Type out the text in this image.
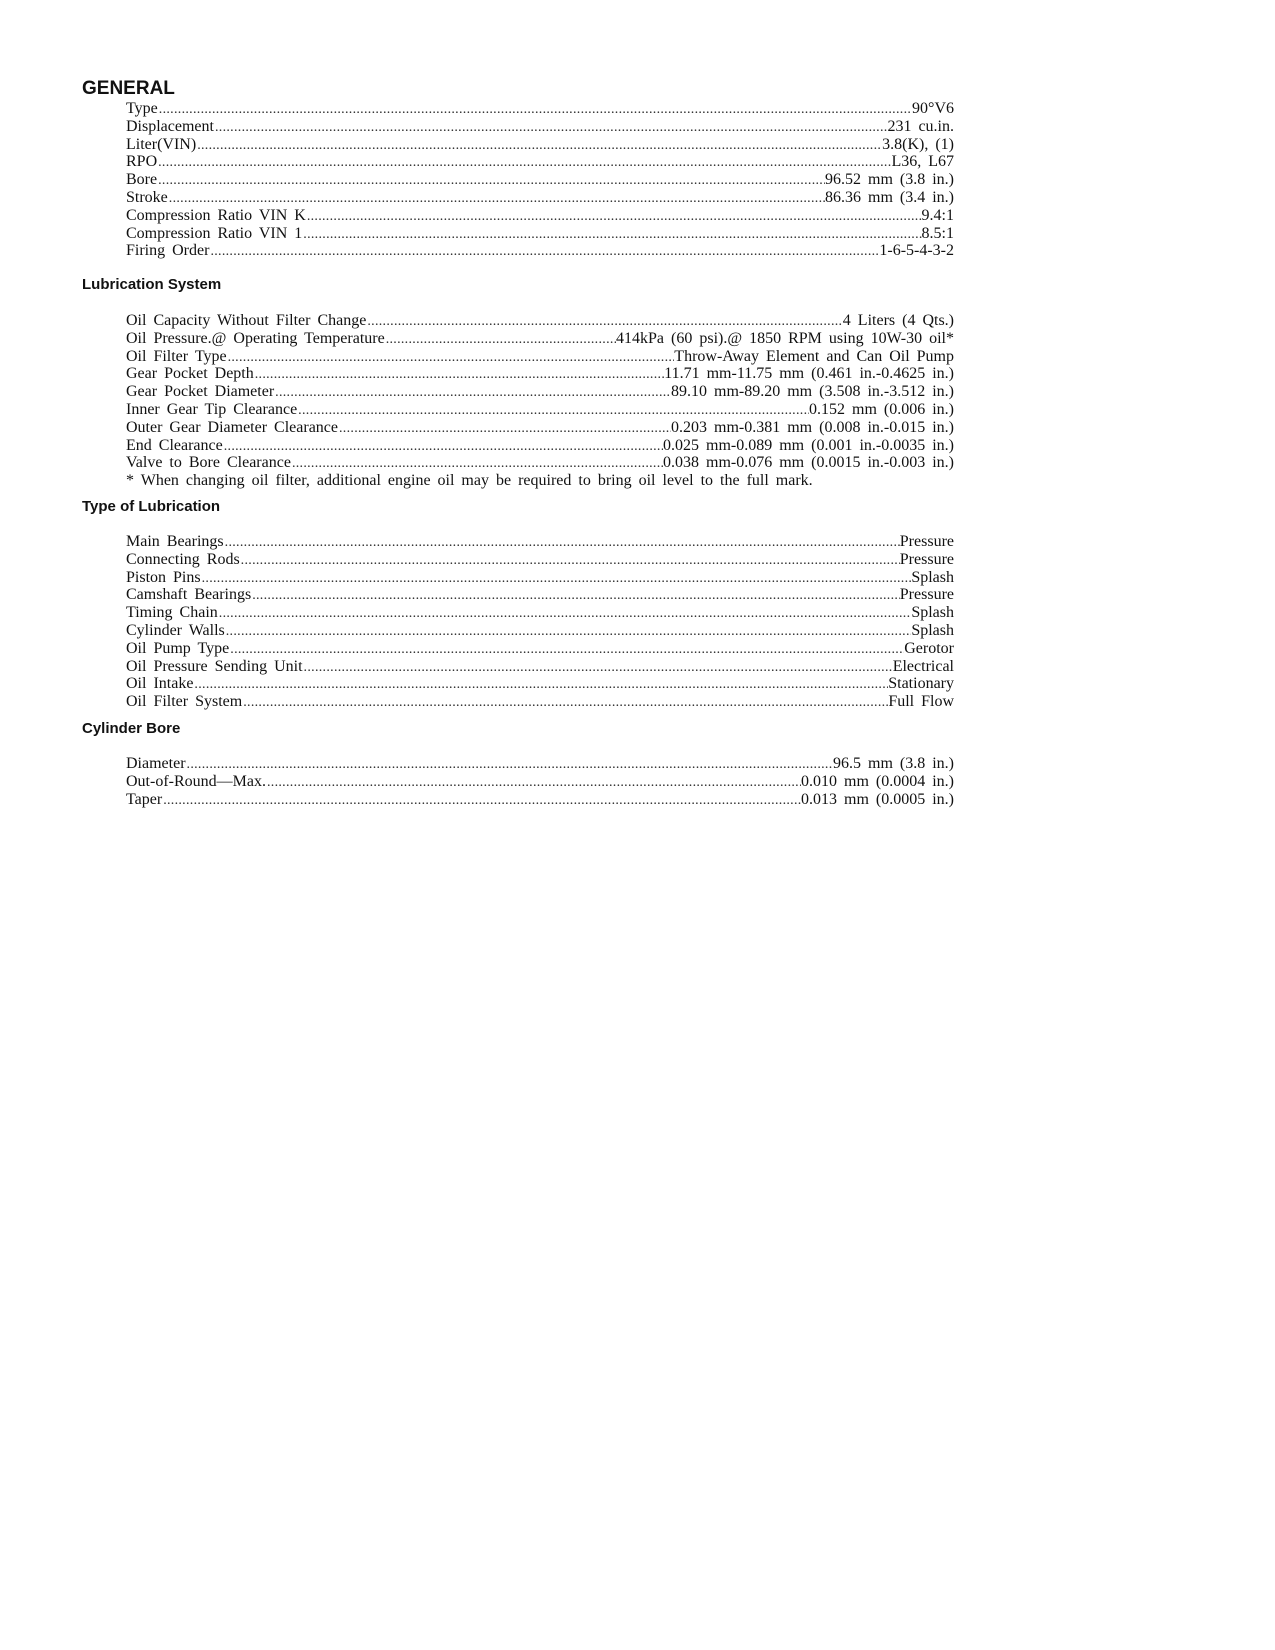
GENERAL
Type .....	90°V6
Displacement .....	231 cu.in.
Liter(VIN) .....	3.8(K), (1)
RPO .....	L36, L67
Bore .....	96.52 mm (3.8 in.)
Stroke .....	86.36 mm (3.4 in.)
Compression Ratio VIN K .....	9.4:1
Compression Ratio VIN 1 .....	8.5:1
Firing Order .....	1-6-5-4-3-2
Lubrication System
Oil Capacity Without Filter Change .....	4 Liters (4 Qts.)
Oil Pressure.@ Operating Temperature .....	414kPa (60 psi).@ 1850 RPM using 10W-30 oil*
Oil Filter Type .....	Throw-Away Element and Can Oil Pump
Gear Pocket Depth .....	11.71 mm-11.75 mm (0.461 in.-0.4625 in.)
Gear Pocket Diameter .....	89.10 mm-89.20 mm (3.508 in.-3.512 in.)
Inner Gear Tip Clearance .....	0.152 mm (0.006 in.)
Outer Gear Diameter Clearance .....	0.203 mm-0.381 mm (0.008 in.-0.015 in.)
End Clearance .....	0.025 mm-0.089 mm (0.001 in.-0.0035 in.)
Valve to Bore Clearance .....	0.038 mm-0.076 mm (0.0015 in.-0.003 in.)

* When changing oil filter, additional engine oil may be required to bring oil level to the full mark.

Type of Lubrication
Main Bearings .....	Pressure
Connecting Rods .....	Pressure
Piston Pins .....	Splash
Camshaft Bearings .....	Pressure
Timing Chain .....	Splash
Cylinder Walls .....	Splash
Oil Pump Type .....	Gerotor
Oil Pressure Sending Unit .....	Electrical
Oil Intake .....	Stationary
Oil Filter System .....	Full Flow
Cylinder Bore
Diameter .....	96.5 mm (3.8 in.)
Out-of-Round—Max. .....	0.010 mm (0.0004 in.)
Taper .....	0.013 mm (0.0005 in.)
